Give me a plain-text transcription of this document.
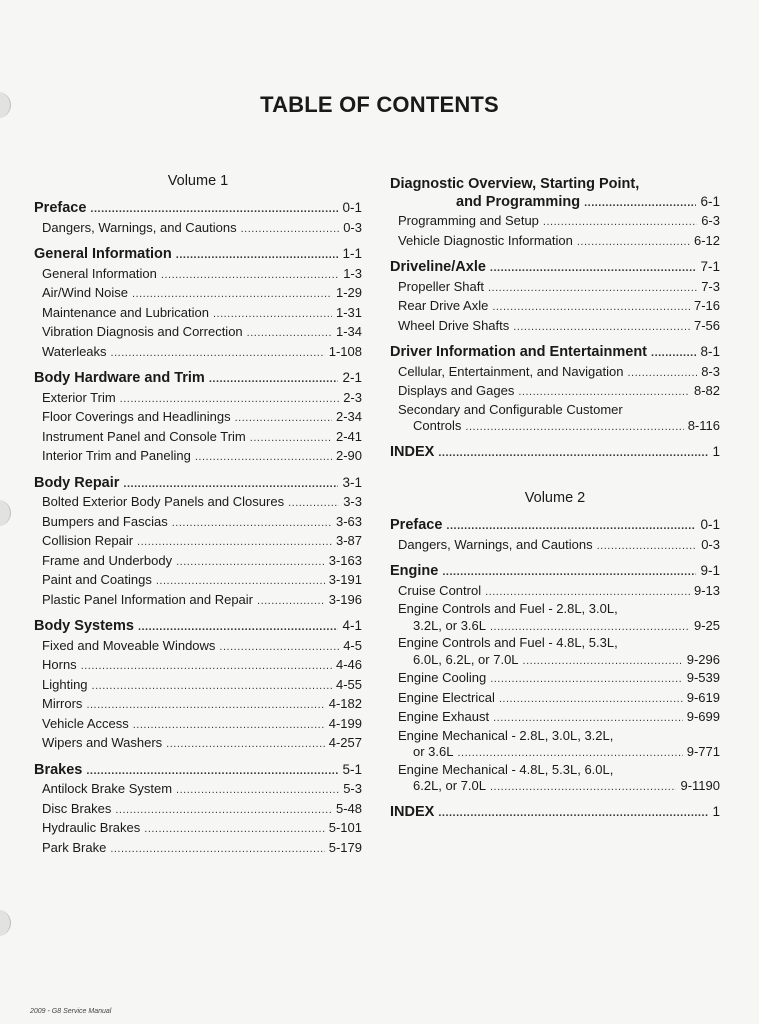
TABLE OF CONTENTS
Volume 1
Preface .....	0-1
Dangers, Warnings, and Cautions .....	0-3
General Information .....	1-1
General Information .....	1-3
Air/Wind Noise .....	1-29
Maintenance and Lubrication .....	1-31
Vibration Diagnosis and Correction .....	1-34
Waterleaks .....	1-108
Body Hardware and Trim .....	2-1
Exterior Trim .....	2-3
Floor Coverings and Headlinings .....	2-34
Instrument Panel and Console Trim .....	2-41
Interior Trim and Paneling .....	2-90
Body Repair .....	3-1
Bolted Exterior Body Panels and Closures .....	3-3
Bumpers and Fascias .....	3-63
Collision Repair .....	3-87
Frame and Underbody .....	3-163
Paint and Coatings .....	3-191
Plastic Panel Information and Repair .....	3-196
Body Systems .....	4-1
Fixed and Moveable Windows .....	4-5
Horns .....	4-46
Lighting .....	4-55
Mirrors .....	4-182
Vehicle Access .....	4-199
Wipers and Washers .....	4-257
Brakes .....	5-1
Antilock Brake System .....	5-3
Disc Brakes .....	5-48
Hydraulic Brakes .....	5-101
Park Brake .....	5-179
Diagnostic Overview, Starting Point,
and Programming .....	6-1
Programming and Setup .....	6-3
Vehicle Diagnostic Information .....	6-12
Driveline/Axle .....	7-1
Propeller Shaft .....	7-3
Rear Drive Axle .....	7-16
Wheel Drive Shafts .....	7-56
Driver Information and Entertainment .....	8-1
Cellular, Entertainment, and Navigation .....	8-3
Displays and Gages .....	8-82
Secondary and Configurable Customer
Controls .....	8-116
INDEX .....	1
Volume 2
Preface .....	0-1
Dangers, Warnings, and Cautions .....	0-3
Engine .....	9-1
Cruise Control .....	9-13
Engine Controls and Fuel - 2.8L, 3.0L,
3.2L, or 3.6L .....	9-25
Engine Controls and Fuel - 4.8L, 5.3L,
6.0L, 6.2L, or 7.0L .....	9-296
Engine Cooling .....	9-539
Engine Electrical .....	9-619
Engine Exhaust .....	9-699
Engine Mechanical - 2.8L, 3.0L, 3.2L,
or 3.6L .....	9-771
Engine Mechanical - 4.8L, 5.3L, 6.0L,
6.2L, or 7.0L .....	9-1190
INDEX .....	1
2009 - G8 Service Manual
